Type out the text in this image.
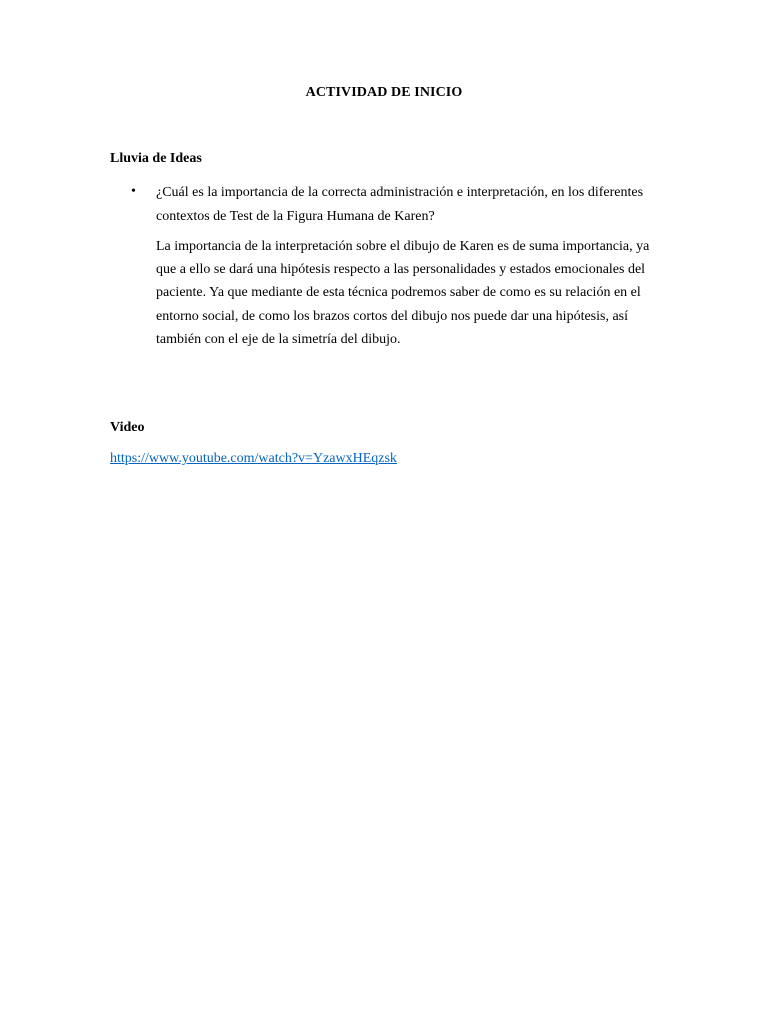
ACTIVIDAD DE INICIO
Lluvia de Ideas
• ¿Cuál es la importancia de la correcta administración e interpretación, en los diferentes contextos de Test de la Figura Humana de Karen?
La importancia de la interpretación sobre el dibujo de Karen es de suma importancia, ya que a ello se dará una hipótesis respecto a las personalidades y estados emocionales del paciente. Ya que mediante de esta técnica podremos saber de como es su relación en el entorno social, de como los brazos cortos del dibujo nos puede dar una hipótesis, así también con el eje de la simetría del dibujo.
Video
https://www.youtube.com/watch?v=YzawxHEqzsk
